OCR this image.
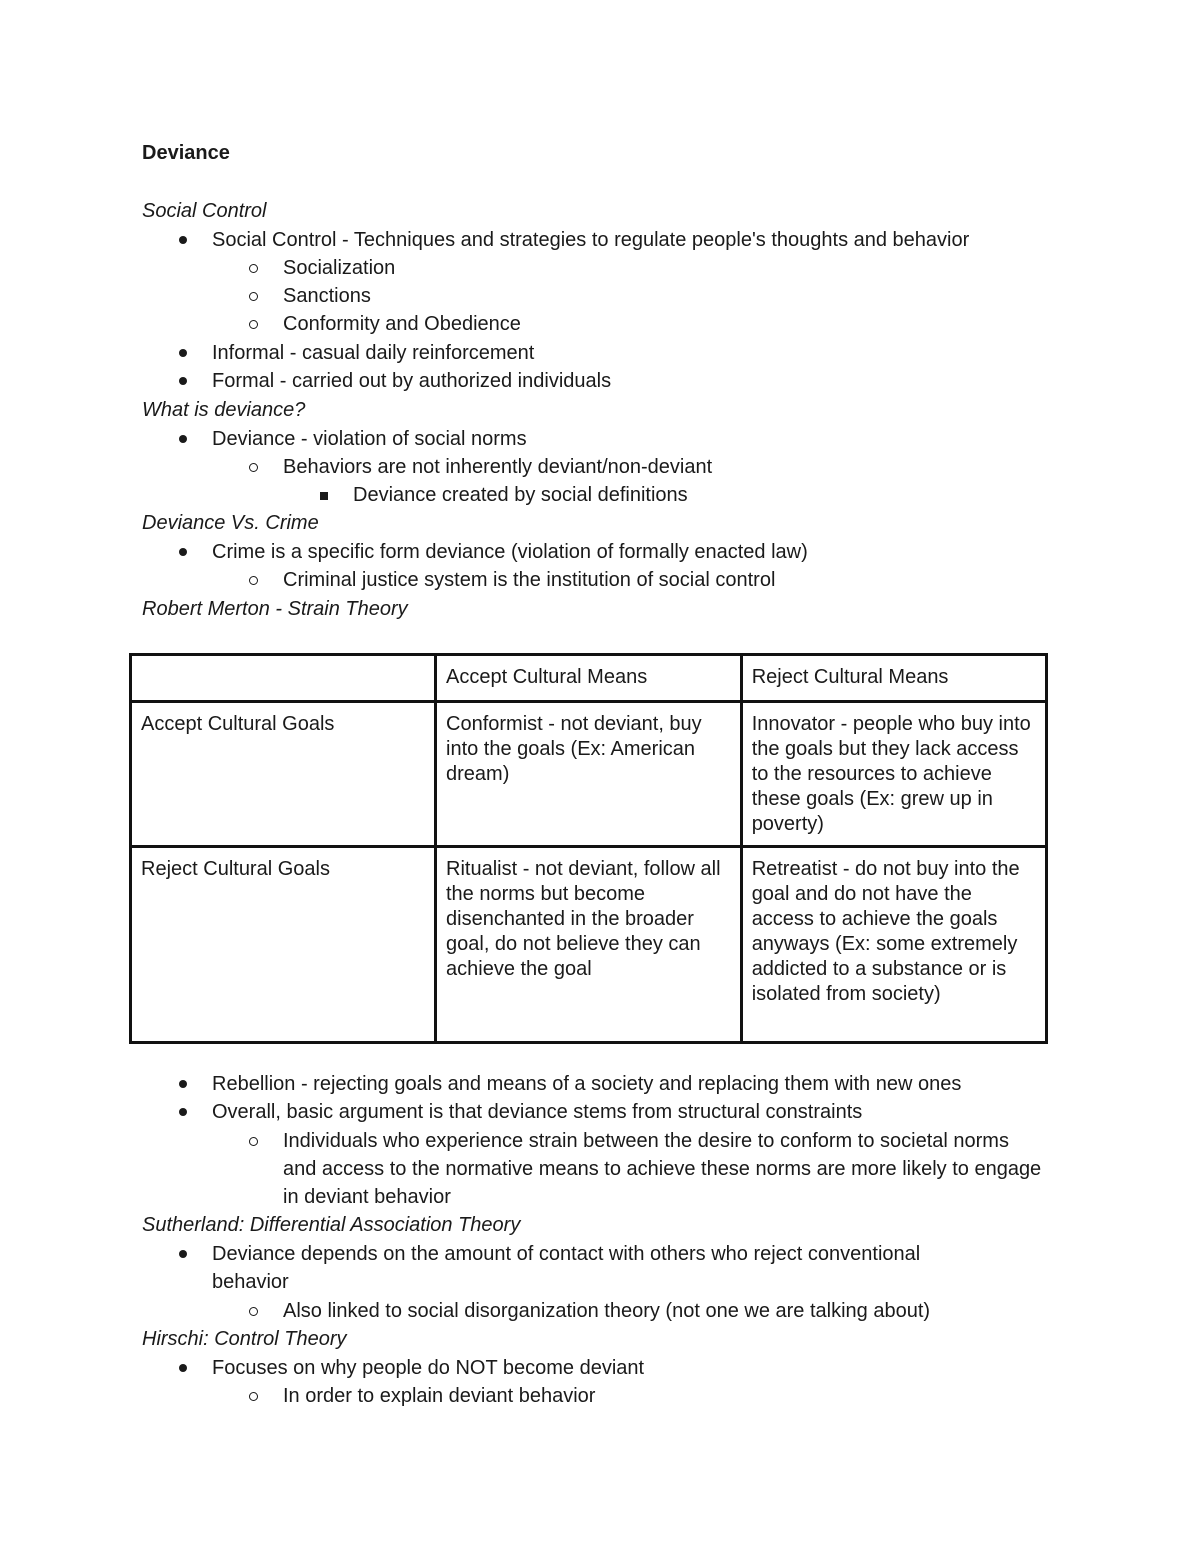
Deviance
Social Control
Social Control - Techniques and strategies to regulate people's thoughts and behavior
Socialization
Sanctions
Conformity and Obedience
Informal - casual daily reinforcement
Formal - carried out by authorized individuals
What is deviance?
Deviance - violation of social norms
Behaviors are not inherently deviant/non-deviant
Deviance created by social definitions
Deviance Vs. Crime
Crime is a specific form deviance (violation of formally enacted law)
Criminal justice system is the institution of social control
Robert Merton - Strain Theory
	Accept Cultural Means	Reject Cultural Means
Accept Cultural Goals	Conformist - not deviant, buy into the goals (Ex: American dream)	Innovator - people who buy into the goals but they lack access to the resources to achieve these goals (Ex: grew up in poverty)
Reject Cultural Goals	Ritualist - not deviant, follow all the norms but become disenchanted in the broader goal, do not believe they can achieve the goal	Retreatist - do not buy into the goal and do not have the access to achieve the goals anyways (Ex: some extremely addicted to a substance or is isolated from society)
Rebellion - rejecting goals and means of a society and replacing them with new ones
Overall, basic argument is that deviance stems from structural constraints
Individuals who experience strain between the desire to conform to societal norms and access to the normative means to achieve these norms are more likely to engage in deviant behavior
Sutherland: Differential Association Theory
Deviance depends on the amount of contact with others who reject conventional behavior
Also linked to social disorganization theory (not one we are talking about)
Hirschi: Control Theory
Focuses on why people do NOT become deviant
In order to explain deviant behavior
